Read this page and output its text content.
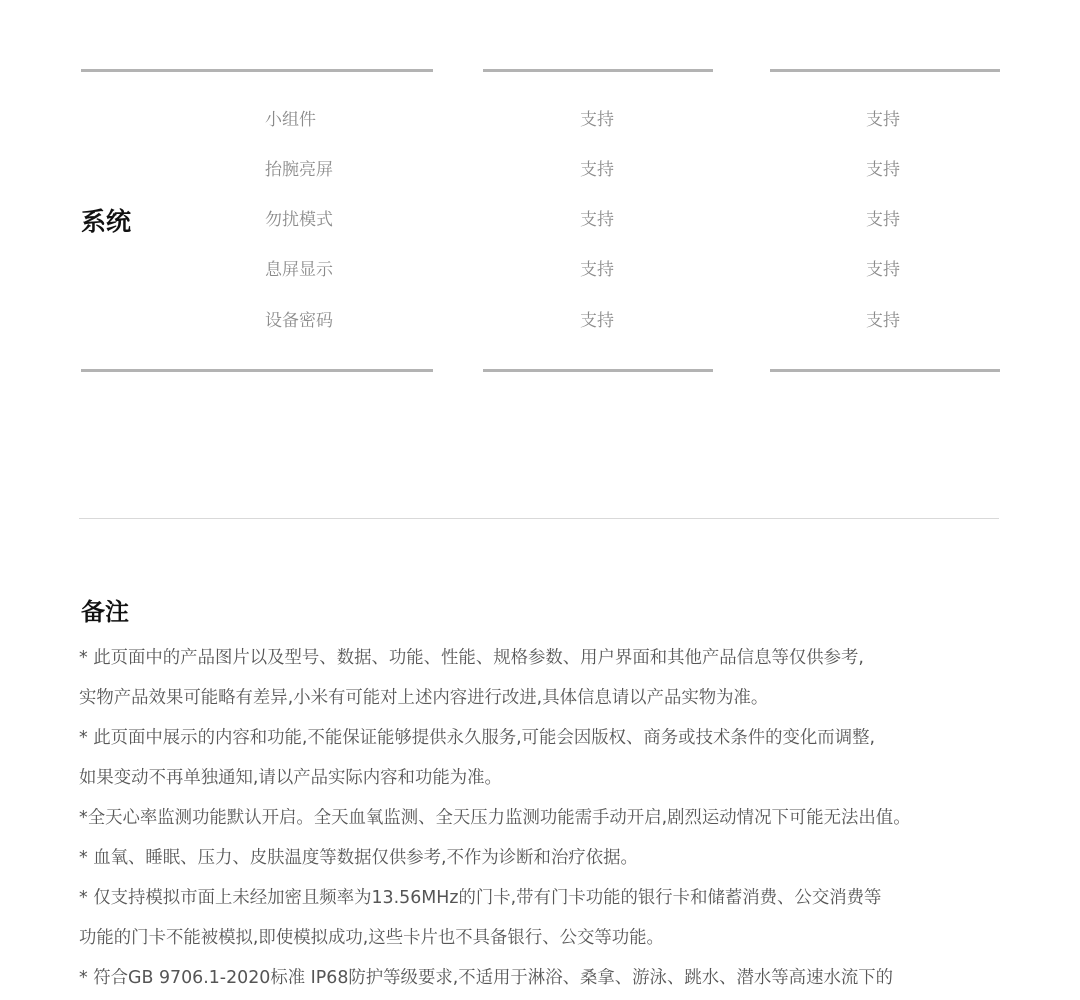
系统
小组件	支持	支持
抬腕亮屏	支持	支持
勿扰模式	支持	支持
息屏显示	支持	支持
设备密码	支持	支持
备注
* 此页面中的产品图片以及型号、数据、功能、性能、规格参数、用户界面和其他产品信息等仅供参考,
实物产品效果可能略有差异,小米有可能对上述内容进行改进,具体信息请以产品实物为准。
* 此页面中展示的内容和功能,不能保证能够提供永久服务,可能会因版权、商务或技术条件的变化而调整,
如果变动不再单独通知,请以产品实际内容和功能为准。
*全天心率监测功能默认开启。全天血氧监测、全天压力监测功能需手动开启,剧烈运动情况下可能无法出值。
* 血氧、睡眠、压力、皮肤温度等数据仅供参考,不作为诊断和治疗依据。
* 仅支持模拟市面上未经加密且频率为13.56MHz的门卡,带有门卡功能的银行卡和储蓄消费、公交消费等
功能的门卡不能被模拟,即使模拟成功,这些卡片也不具备银行、公交等功能。
* 符合GB 9706.1-2020标准 IP68防护等级要求,不适用于淋浴、桑拿、游泳、跳水、潜水等高速水流下的
